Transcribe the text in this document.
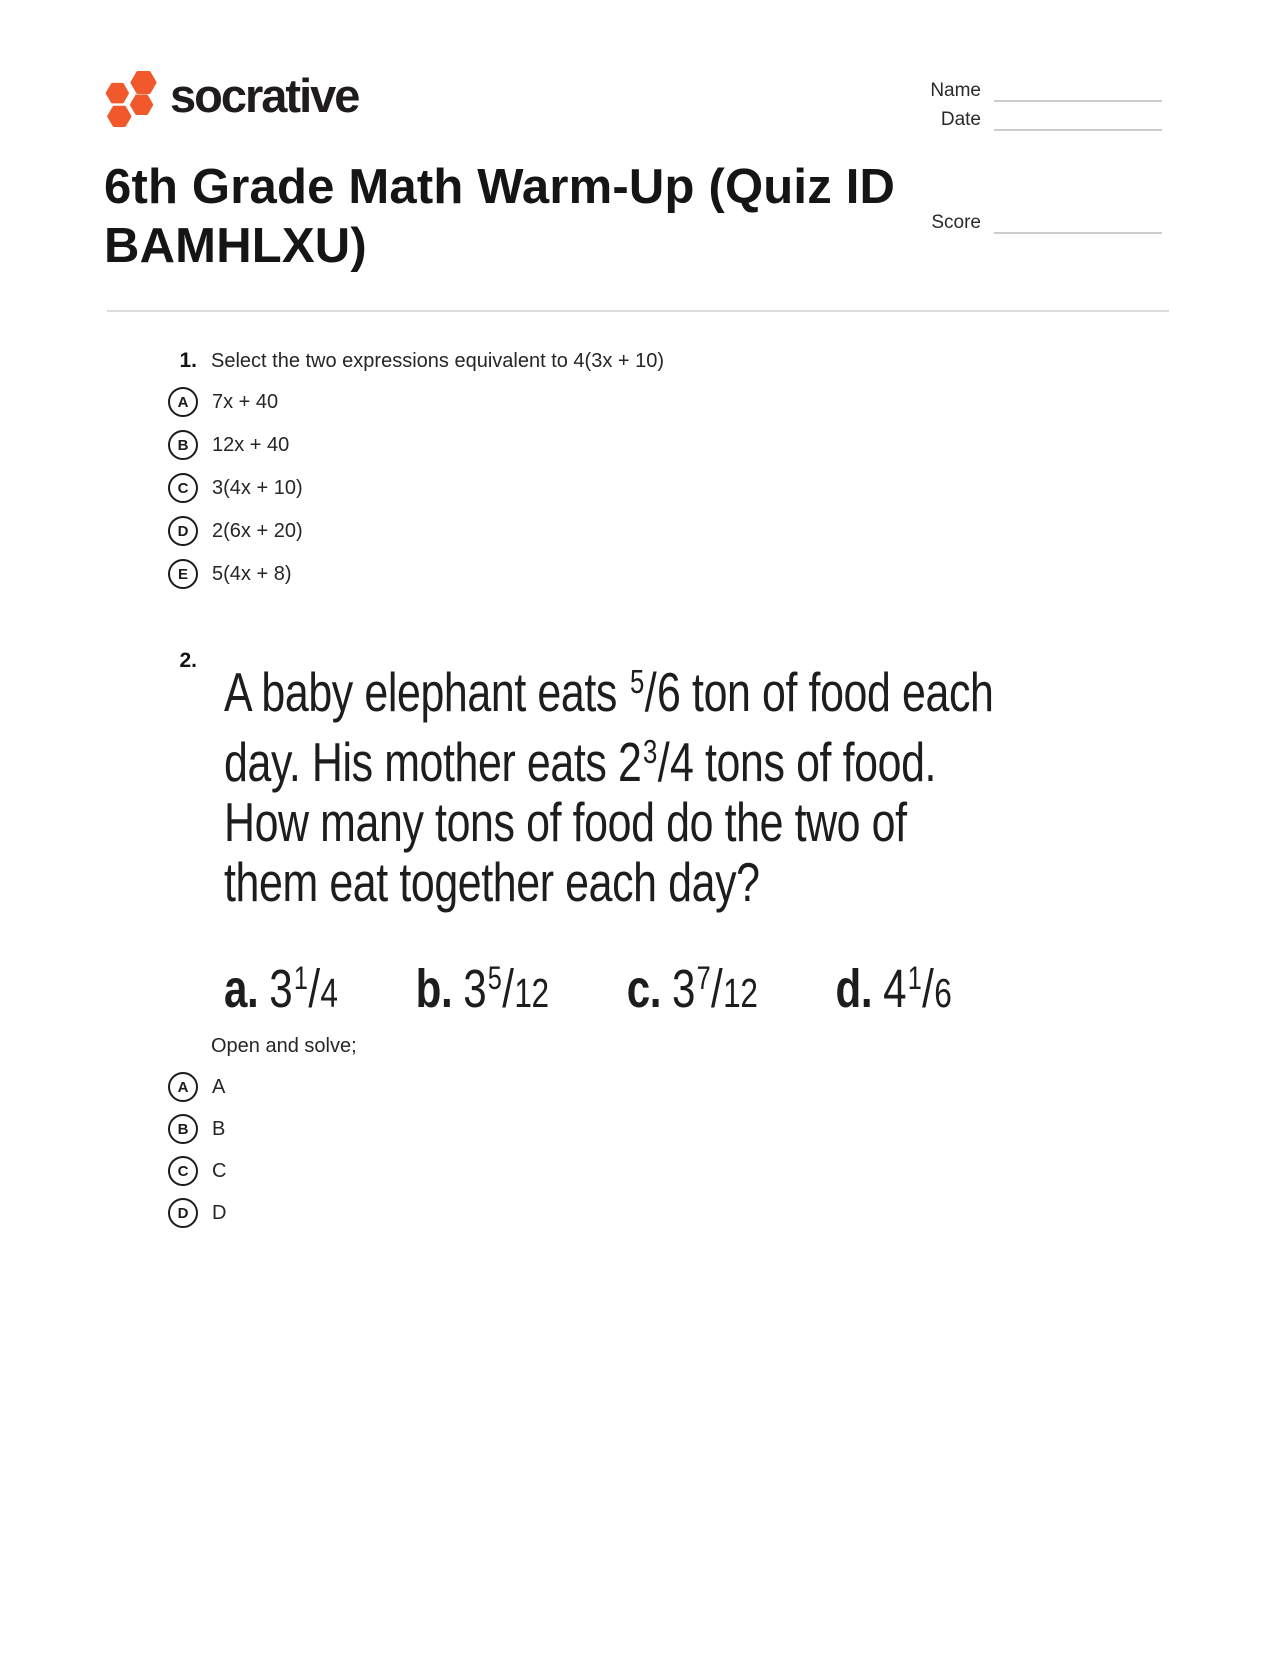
socrative	Name
Date
Score
6th Grade Math Warm-Up (Quiz ID BAMHLXU)
1. Select the two expressions equivalent to 4(3x + 10)
A	7x + 40
B	12x + 40
C	3(4x + 10)
D	2(6x + 20)
E	5(4x + 8)
2.
A baby elephant eats $^5$/6 ton of food each
day. His mother eats $2^3/4$ tons of food.
How many tons of food do the two of
them eat together each day?
a. $3^1/4$ b. $3^5/12$ c. $3^7/12$ d. $4^1/6$
Open and solve;
A	A
B	B
C	C
D	D
